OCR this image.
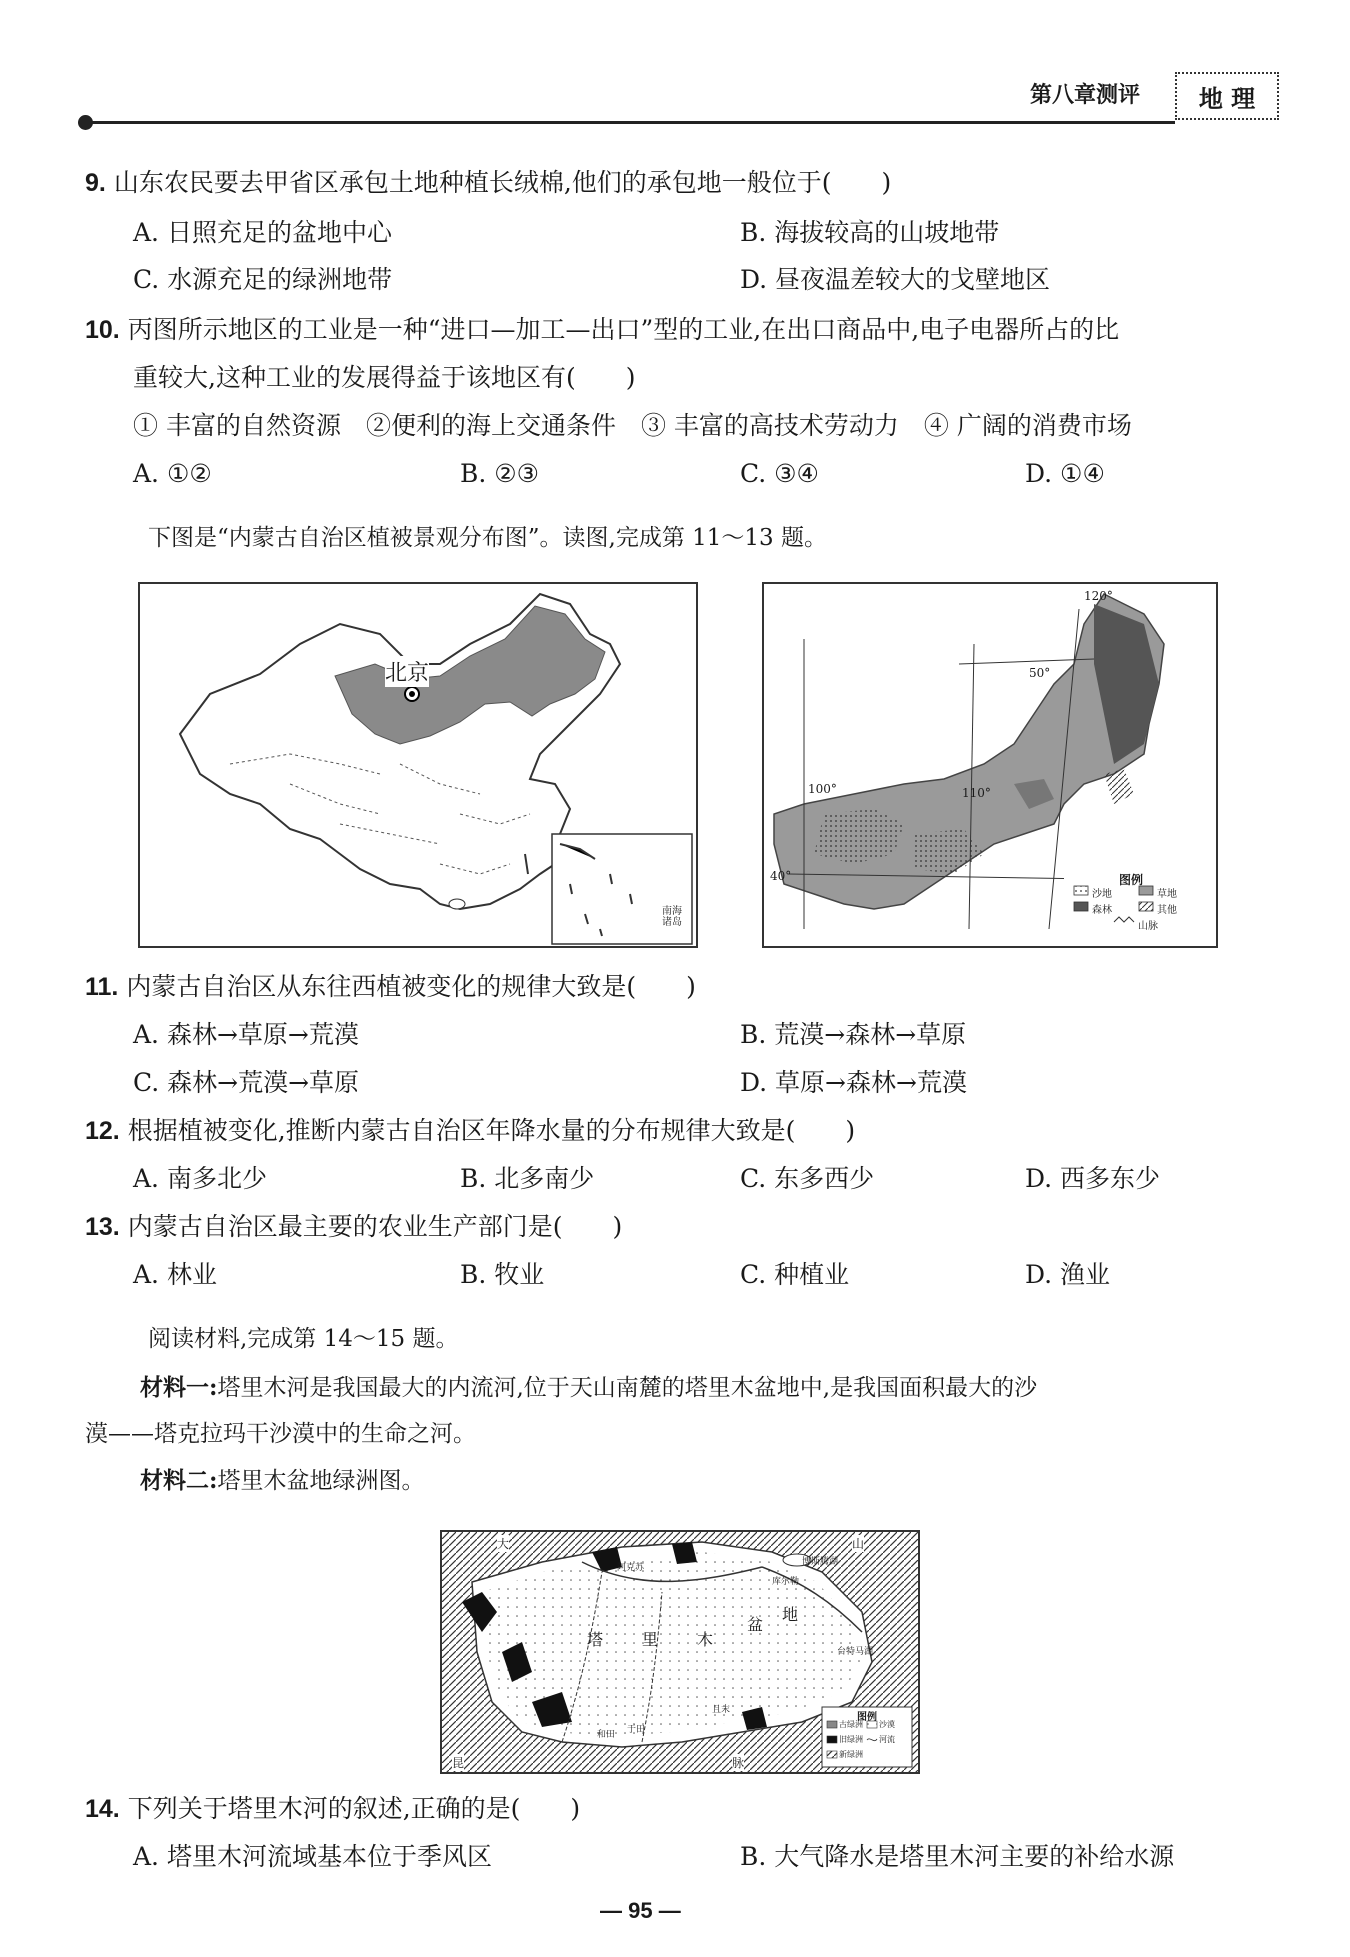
第八章测评 地 理
9. 山东农民要去甲省区承包土地种植长绒棉,他们的承包地一般位于(　　)
A. 日照充足的盆地中心	B. 海拔较高的山坡地带
C. 水源充足的绿洲地带	D. 昼夜温差较大的戈壁地区
10. 丙图所示地区的工业是一种“进口—加工—出口”型的工业,在出口商品中,电子电器所占的比
重较大,这种工业的发展得益于该地区有(　　)
① 丰富的自然资源　②便利的海上交通条件　③ 丰富的高技术劳动力　④ 广阔的消费市场
A. ①②	B. ②③	C. ③④	D. ①④
下图是“内蒙古自治区植被景观分布图”。读图,完成第 11～13 题。
北京
南海诸岛
120°
50°
100°	110°
40°	图例
沙地	草地
森林	其他
山脉
11. 内蒙古自治区从东往西植被变化的规律大致是(　　)
A. 森林→草原→荒漠	B. 荒漠→森林→草原
C. 森林→荒漠→草原	D. 草原→森林→荒漠
12. 根据植被变化,推断内蒙古自治区年降水量的分布规律大致是(　　)
A. 南多北少	B. 北多南少	C. 东多西少	D. 西多东少
13. 内蒙古自治区最主要的农业生产部门是(　　)
A. 林业	B. 牧业	C. 种植业	D. 渔业
阅读材料,完成第 14～15 题。
材料一:塔里木河是我国最大的内流河,位于天山南麓的塔里木盆地中,是我国面积最大的沙
漠——塔克拉玛干沙漠中的生命之河。
材料二:塔里木盆地绿洲图。
塔 里 木
盆
地
大	山
昆	脉
阿克苏
库尔勒
博斯腾湖
台特马湖
和田 于田
且末
图例
古绿洲 沙漠
旧绿洲 河流
新绿洲
14. 下列关于塔里木河的叙述,正确的是(　　)
A. 塔里木河流域基本位于季风区	B. 大气降水是塔里木河主要的补给水源
— 95 —
